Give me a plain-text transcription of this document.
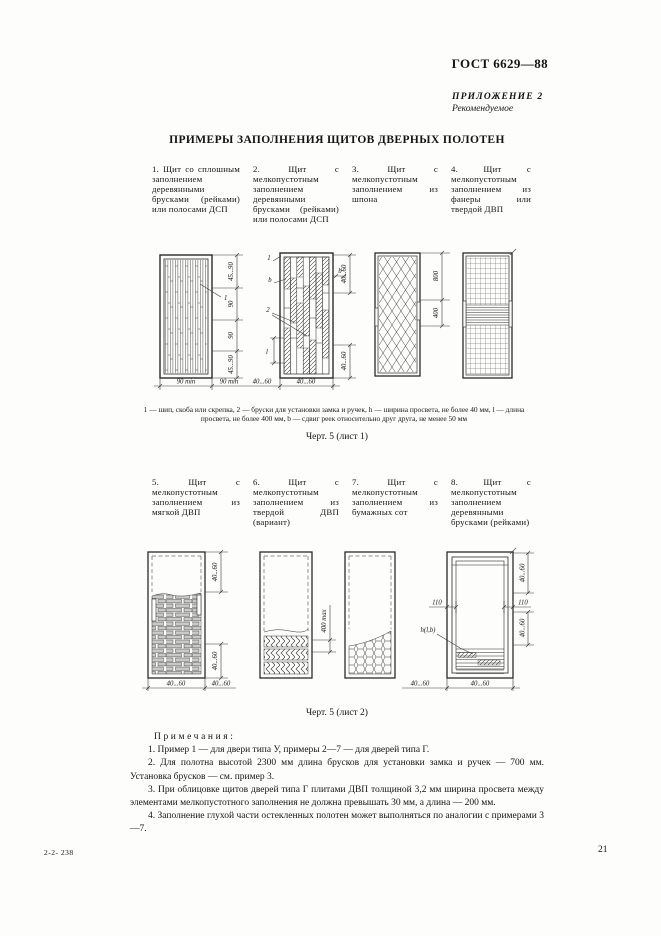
ГОСТ 6629—88
ПРИЛОЖЕНИЕ 2
Рекомендуемое
ПРИМЕРЫ ЗАПОЛНЕНИЯ ЩИТОВ ДВЕРНЫХ ПОЛОТЕН

1. Щит со сплошным заполнением деревянными брусками (рейками) или полосами ДСП

2. Щит с мелкопустотным заполнением деревянными брусками (рейками) или полосами ДСП

3. Щит с мелкопустотным заполнением из шпона

4. Щит с мелкопустотным заполнением из фанеры или твердой ДВП

45...90
90
90
45...90
1
90 min	90 min
1
b
2
l
b 40...60
40...60
40...60	40...60
800
400
1 — шип, скоба или скрепка, 2 — бруски для установки замка и ручек, h — ширина просвета, не более 40 мм, l — длина просвета, не более 400 мм, b — сдвиг реек относительно друг друга, не менее 50 мм
Черт. 5 (лист 1)

5. Щит с мелкопустотным заполнением из мягкой ДВП

6. Щит с мелкопустотным заполнением из твердой ДВП (вариант)

7. Щит с мелкопустотным заполнением из бумажных сот

8. Щит с мелкопустотным заполнением деревянными брусками (рейками)

40...60
40...60
40...60	40...60
400 max
110	110
40...60
40...60
h(l,b)
40...60	40...60
Черт. 5 (лист 2)
Примечания:

1. Пример 1 — для двери типа У, примеры 2—7 — для дверей типа Г.

2. Для полотна высотой 2300 мм длина брусков для установки замка и ручек — 700 мм. Установка брусков — см. пример 3.

3. При облицовке щитов дверей типа Г плитами ДВП толщиной 3,2 мм ширина просвета между элементами мелкопустотного заполнения не должна превышать 30 мм, а длина — 200 мм.

4. Заполнение глухой части остекленных полотен может выполняться по аналогии с примерами 3—7.

2-2- 238	21
